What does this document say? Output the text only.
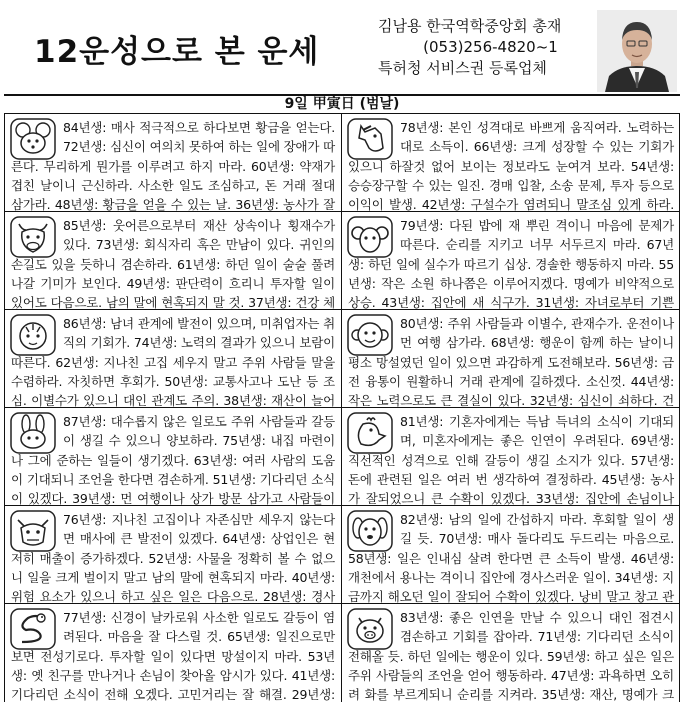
12운성으로 본 운세
김남용 한국역학중앙회 총재
(053)256-4820~1
특허청 서비스권 등록업체
9일 甲寅日 (범날)
84년생: 매사 적극적으로 하다보면 황금을 얻는다. 72년생: 심신이 여의치 못하여 하는 일에 장애가 따른다. 무리하게 뭔가를 이루려고 하지 마라. 60년생: 약재가 겹친 날이니 근신하라. 사소한 일도 조심하고, 돈 거래 절대 삼가라. 48년생: 황금을 얻을 수 있는 날. 36년생: 농사가 잘
85년생: 웃어른으로부터 재산 상속이나 횡재수가 있다. 73년생: 회식자리 혹은 만남이 있다. 귀인의 손길도 있을 듯하니 겸손하라. 61년생: 하던 일이 술술 풀려 나갈 기미가 보인다. 49년생: 판단력이 흐리니 투자할 일이 있어도 다음으로. 남의 말에 현혹되지 말 것. 37년생: 건강 체
86년생: 남녀 관계에 발전이 있으며, 미취업자는 취직의 기회가. 74년생: 노력의 결과가 있으니 보람이 따른다. 62년생: 지나친 고집 세우지 말고 주위 사람들 말을 수렴하라. 자칫하면 후회가. 50년생: 교통사고나 도난 등 조심. 이별수가 있으니 대인 관계도 주의. 38년생: 재산이 늘어
87년생: 대수롭지 않은 일로도 주위 사람들과 갈등이 생길 수 있으니 양보하라. 75년생: 내집 마련이나 그에 준하는 일들이 생기겠다. 63년생: 여러 사람의 도움이 기대되니 조언을 한다면 겸손하게. 51년생: 기다리던 소식이 있겠다. 39년생: 먼 여행이나 상가 방문 삼가고 사람들이
76년생: 지나친 고집이나 자존심만 세우지 않는다면 매사에 큰 발전이 있겠다. 64년생: 상업인은 현저히 매출이 증가하겠다. 52년생: 사물을 정확히 볼 수 없으니 일을 크게 벌이지 말고 남의 말에 현혹되지 마라. 40년생: 위험 요소가 있으니 하고 싶은 일은 다음으로. 28년생: 경사
77년생: 신경이 날카로워 사소한 일로도 갈등이 염려된다. 마음을 잘 다스릴 것. 65년생: 일진으로만 보면 전성기로다. 투자할 일이 있다면 망설이지 마라. 53년생: 옛 친구를 만나거나 손님이 찾아올 암시가 있다. 41년생: 기다리던 소식이 전해 오겠다. 고민거리는 잘 해결. 29년생:
78년생: 본인 성격대로 바쁘게 움직여라. 노력하는 대로 소득이. 66년생: 크게 성장할 수 있는 기회가 있으니 하잘것 없어 보이는 정보라도 눈여겨 보라. 54년생: 승승장구할 수 있는 일진. 경매 입찰, 소송 문제, 투자 등으로 이익이 발생. 42년생: 구설수가 염려되니 말조심 있게 하라.
79년생: 다된 밥에 재 뿌린 격이니 마음에 문제가 따른다. 순리를 지키고 너무 서두르지 마라. 67년생: 하던 일에 실수가 따르기 십상. 경솔한 행동하지 마라. 55년생: 작은 소원 하나쯤은 이루어지겠다. 명예가 비약적으로 상승. 43년생: 집안에 새 식구가. 31년생: 자녀로부터 기쁜
80년생: 주위 사람들과 이별수, 관재수가. 운전이나 먼 여행 삼가라. 68년생: 행운이 함께 하는 날이니 평소 망설였던 일이 있으면 과감하게 도전해보라. 56년생: 금전 융통이 원활하니 거래 관계에 길하겠다. 소신껏. 44년생: 작은 노력으로도 큰 결실이 있다. 32년생: 심신이 쇠하다. 건
81년생: 기혼자에게는 득남 득녀의 소식이 기대되며, 미혼자에게는 좋은 인연이 우려된다. 69년생: 직선적인 성격으로 인해 갈등이 생길 소지가 있다. 57년생: 돈에 관련된 일은 여러 번 생각하여 결정하라. 45년생: 농사가 잘되었으니 큰 수확이 있겠다. 33년생: 집안에 손님이나
82년생: 남의 일에 간섭하지 마라. 후회할 일이 생길 듯. 70년생: 매사 돌다리도 두드리는 마음으로. 58년생: 일은 인내심 살려 한다면 큰 소득이 발생. 46년생: 개천에서 용나는 격이니 집안에 경사스러운 일이. 34년생: 지금까지 해오던 일이 잘되어 수확이 있겠다. 낭비 말고 창고 관
83년생: 좋은 인연을 만날 수 있으니 대인 접견시 겸손하고 기회를 잡아라. 71년생: 기다리던 소식이 전해올 듯. 하던 일에는 행운이 있다. 59년생: 하고 싶은 일은 주위 사람들의 조언을 얻어 행동하라. 47년생: 과욕하면 오히려 화를 부르게되니 순리를 지켜라. 35년생: 재산, 명예가 크
